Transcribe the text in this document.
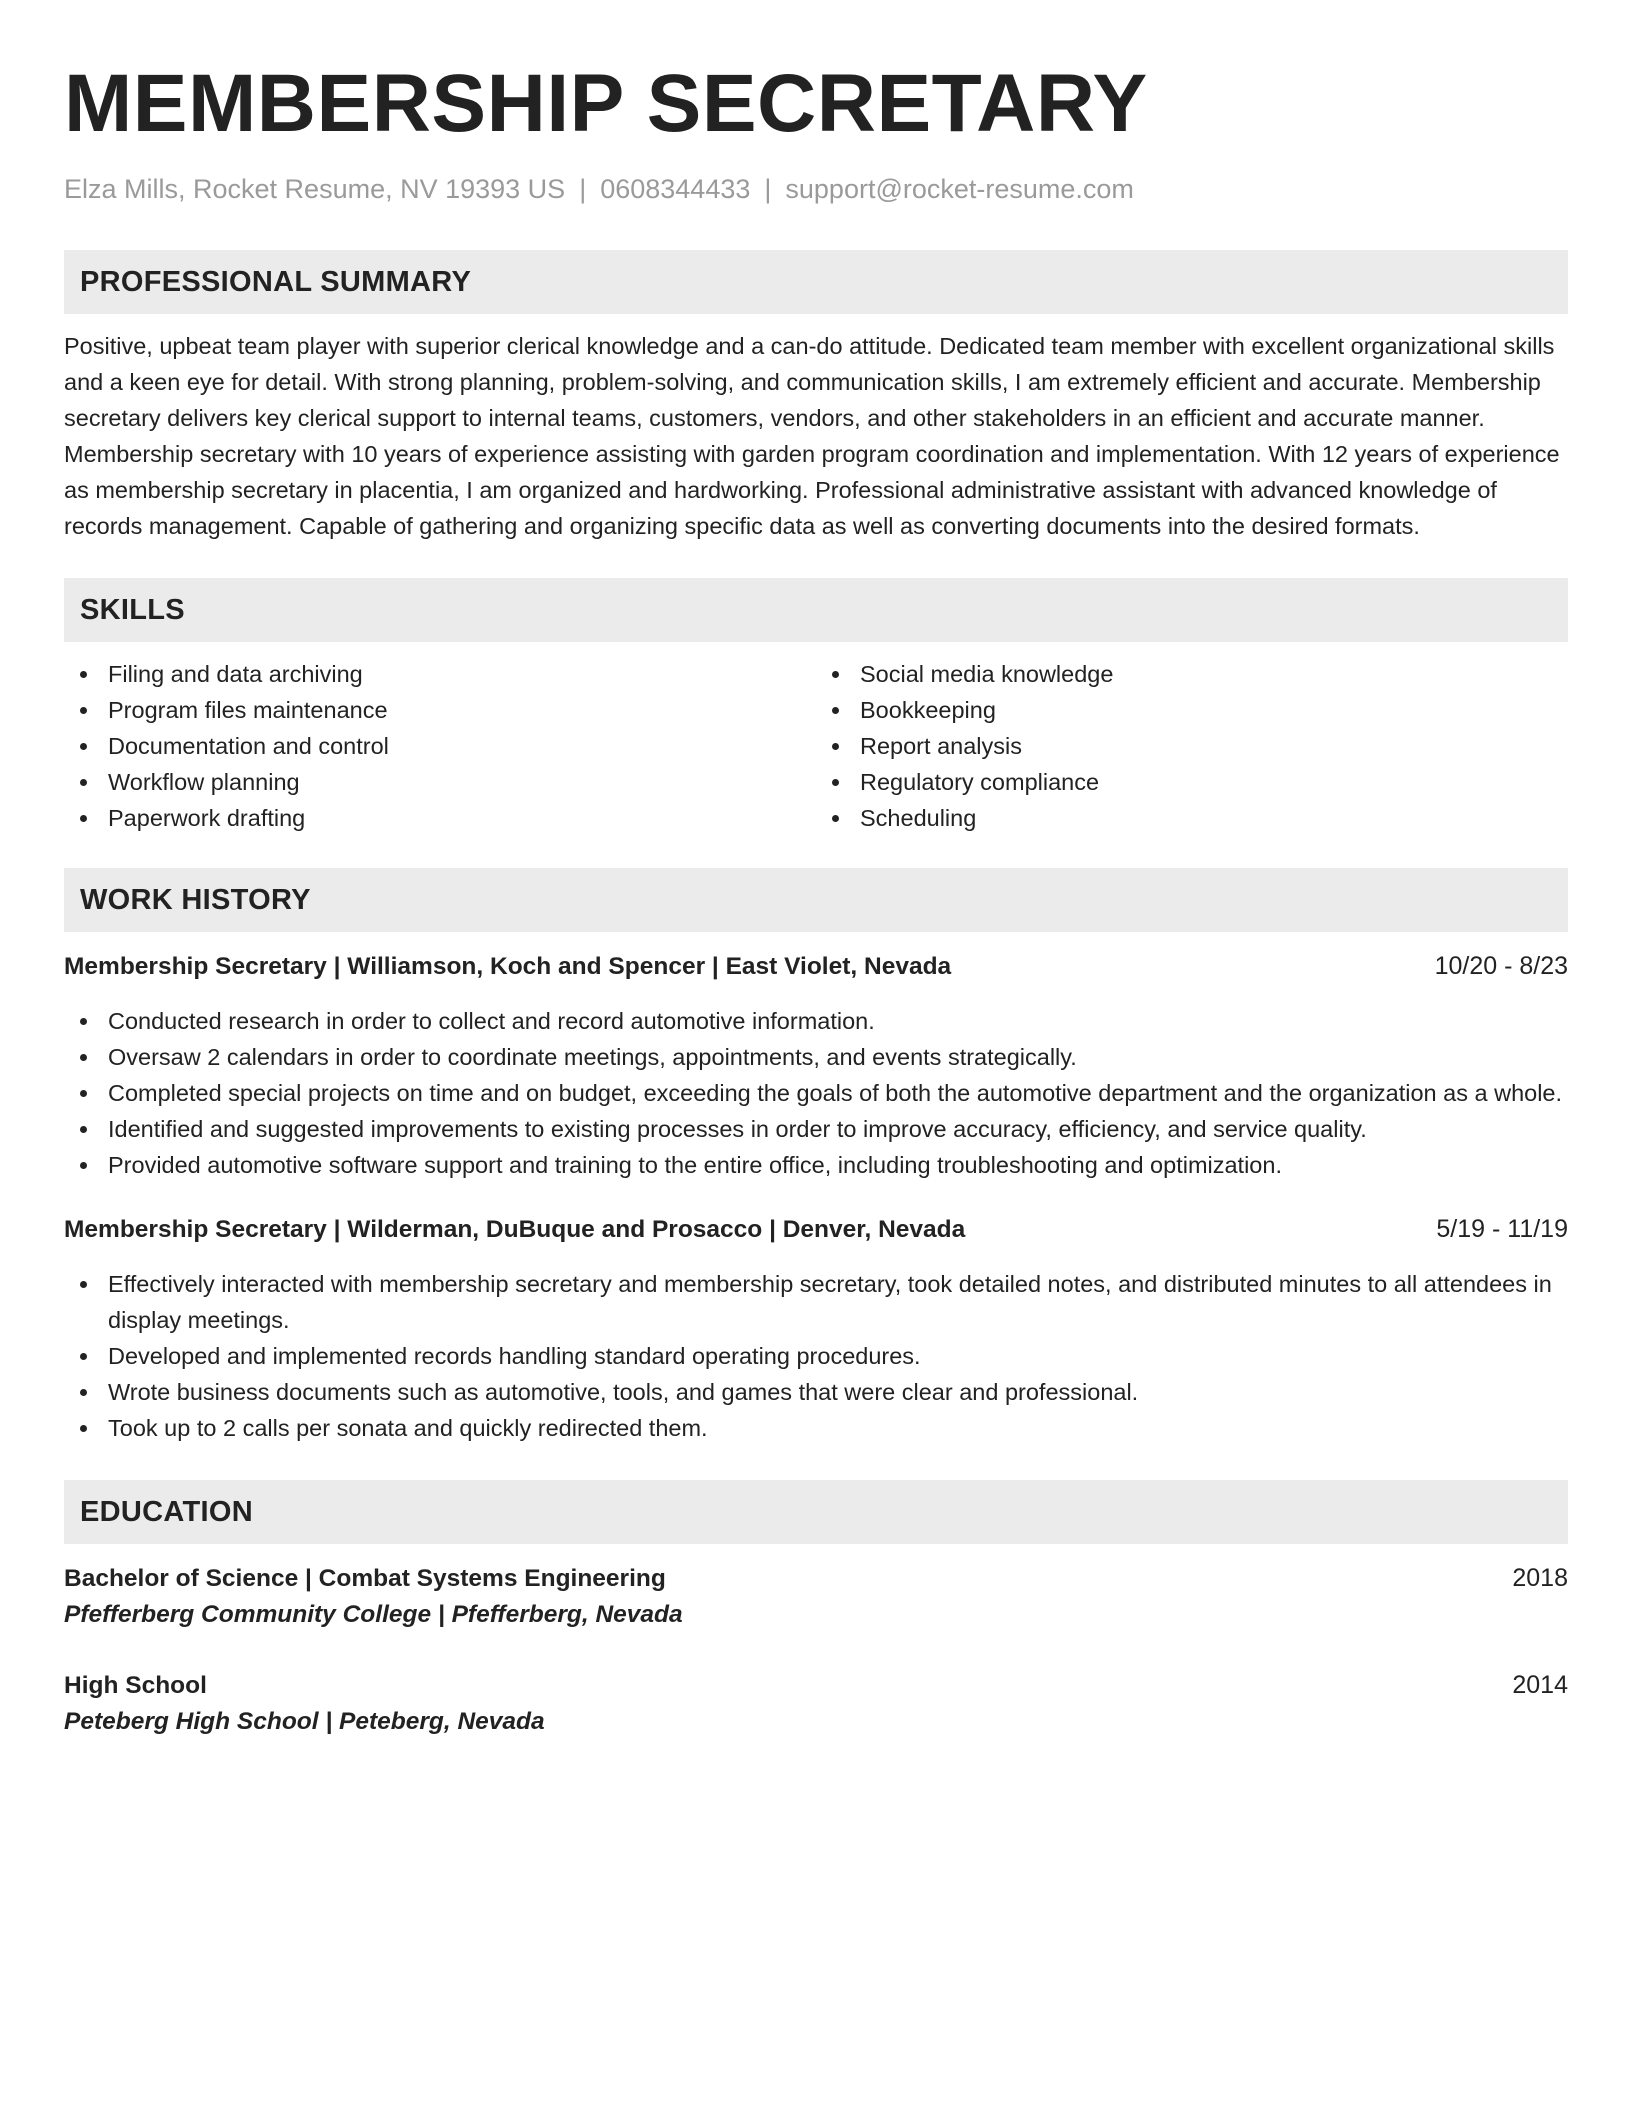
MEMBERSHIP SECRETARY
Elza Mills, Rocket Resume, NV 19393 US | 0608344433 | support@rocket-resume.com
PROFESSIONAL SUMMARY
Positive, upbeat team player with superior clerical knowledge and a can-do attitude. Dedicated team member with excellent organizational skills and a keen eye for detail. With strong planning, problem-solving, and communication skills, I am extremely efficient and accurate. Membership secretary delivers key clerical support to internal teams, customers, vendors, and other stakeholders in an efficient and accurate manner. Membership secretary with 10 years of experience assisting with garden program coordination and implementation. With 12 years of experience as membership secretary in placentia, I am organized and hardworking. Professional administrative assistant with advanced knowledge of records management. Capable of gathering and organizing specific data as well as converting documents into the desired formats.
SKILLS
Filing and data archiving
Program files maintenance
Documentation and control
Workflow planning
Paperwork drafting
Social media knowledge
Bookkeeping
Report analysis
Regulatory compliance
Scheduling
WORK HISTORY
Membership Secretary | Williamson, Koch and Spencer | East Violet, Nevada	10/20 - 8/23
Conducted research in order to collect and record automotive information.
Oversaw 2 calendars in order to coordinate meetings, appointments, and events strategically.
Completed special projects on time and on budget, exceeding the goals of both the automotive department and the organization as a whole.
Identified and suggested improvements to existing processes in order to improve accuracy, efficiency, and service quality.
Provided automotive software support and training to the entire office, including troubleshooting and optimization.
Membership Secretary | Wilderman, DuBuque and Prosacco | Denver, Nevada	5/19 - 11/19
Effectively interacted with membership secretary and membership secretary, took detailed notes, and distributed minutes to all attendees in display meetings.
Developed and implemented records handling standard operating procedures.
Wrote business documents such as automotive, tools, and games that were clear and professional.
Took up to 2 calls per sonata and quickly redirected them.
EDUCATION
Bachelor of Science | Combat Systems Engineering	2018
Pfefferberg Community College | Pfefferberg, Nevada
High School	2014
Peteberg High School | Peteberg, Nevada
